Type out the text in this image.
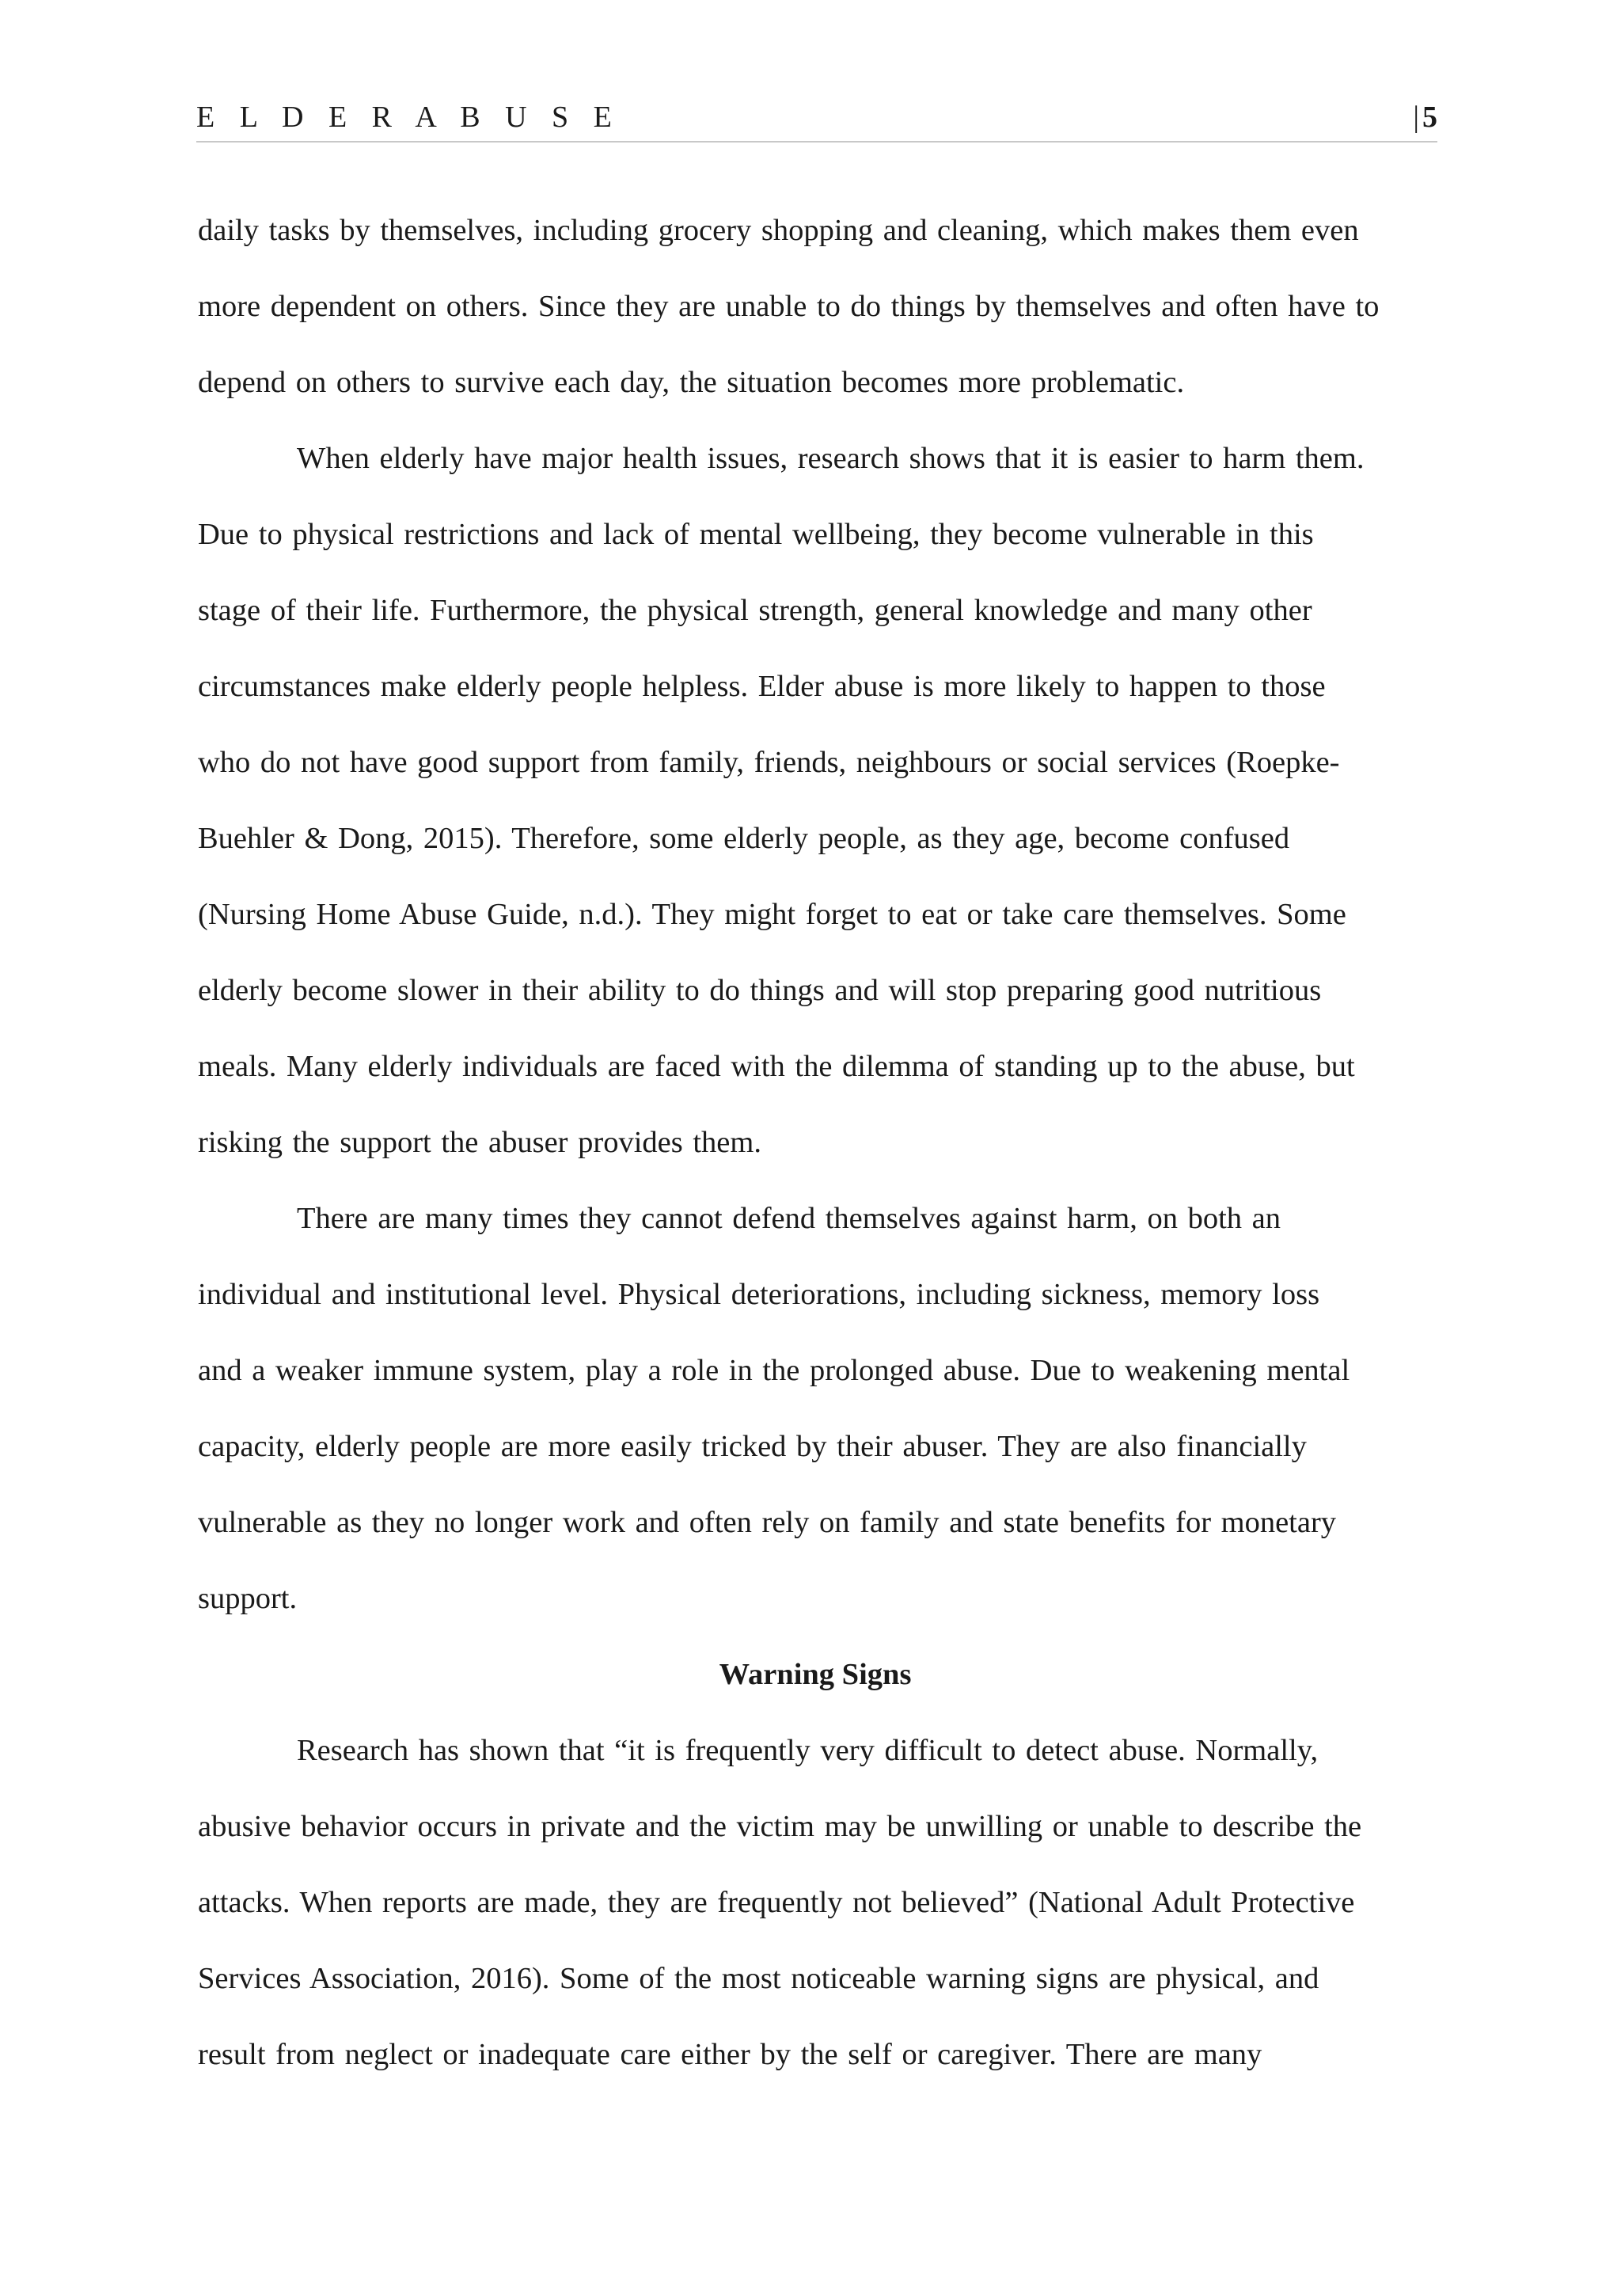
E L D E R A B U S E	| 5
daily tasks by themselves, including grocery shopping and cleaning, which makes them even
more dependent on others. Since they are unable to do things by themselves and often have to
depend on others to survive each day, the situation becomes more problematic.
When elderly have major health issues, research shows that it is easier to harm them.
Due to physical restrictions and lack of mental wellbeing, they become vulnerable in this
stage of their life. Furthermore, the physical strength, general knowledge and many other
circumstances make elderly people helpless. Elder abuse is more likely to happen to those
who do not have good support from family, friends, neighbours or social services (Roepke-
Buehler & Dong, 2015). Therefore, some elderly people, as they age, become confused
(Nursing Home Abuse Guide, n.d.). They might forget to eat or take care themselves. Some
elderly become slower in their ability to do things and will stop preparing good nutritious
meals. Many elderly individuals are faced with the dilemma of standing up to the abuse, but
risking the support the abuser provides them.
There are many times they cannot defend themselves against harm, on both an
individual and institutional level. Physical deteriorations, including sickness, memory loss
and a weaker immune system, play a role in the prolonged abuse. Due to weakening mental
capacity, elderly people are more easily tricked by their abuser. They are also financially
vulnerable as they no longer work and often rely on family and state benefits for monetary
support.
Warning Signs
Research has shown that “it is frequently very difficult to detect abuse. Normally,
abusive behavior occurs in private and the victim may be unwilling or unable to describe the
attacks. When reports are made, they are frequently not believed” (National Adult Protective
Services Association, 2016). Some of the most noticeable warning signs are physical, and
result from neglect or inadequate care either by the self or caregiver. There are many
